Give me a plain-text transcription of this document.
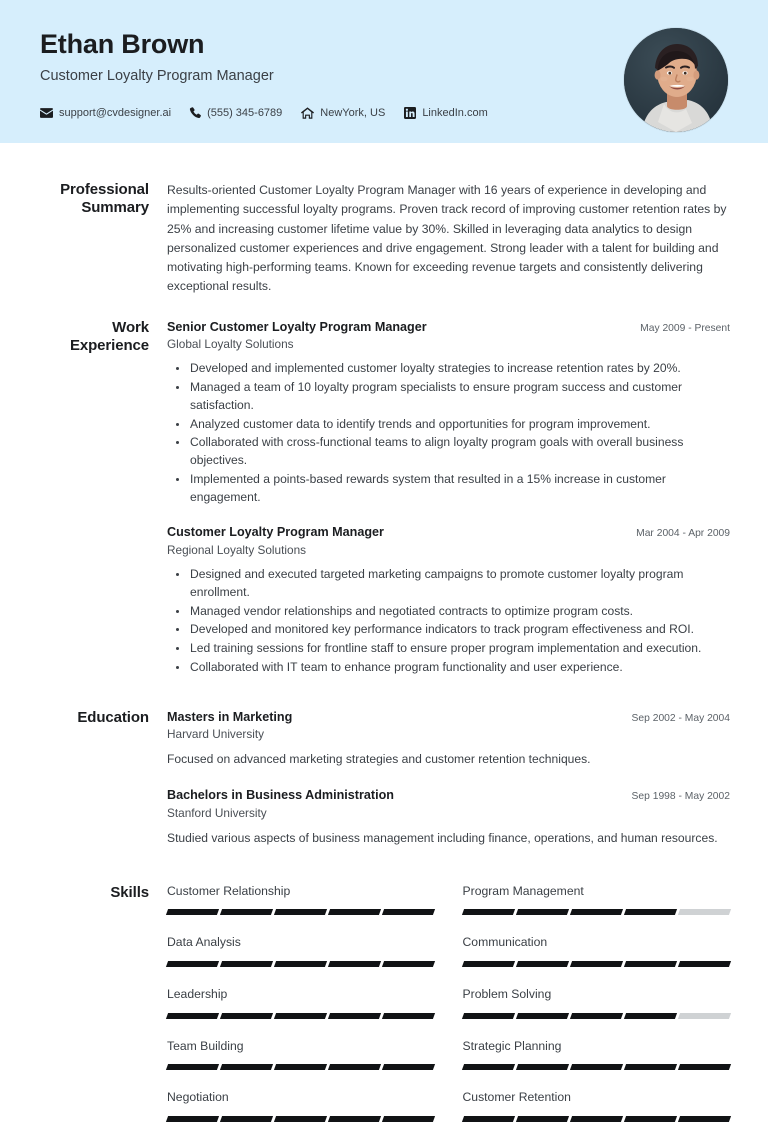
Ethan Brown
Customer Loyalty Program Manager
support@cvdesigner.ai	(555) 345-6789	NewYork, US	LinkedIn.com
Professional
Summary

Results-oriented Customer Loyalty Program Manager with 16 years of experience in developing and implementing successful loyalty programs. Proven track record of improving customer retention rates by 25% and increasing customer lifetime value by 30%. Skilled in leveraging data analytics to design personalized customer experiences and drive engagement. Strong leader with a talent for building and motivating high-performing teams. Known for exceeding revenue targets and consistently delivering exceptional results.

Work
Experience
Senior Customer Loyalty Program Manager	May 2009 - Present
Global Loyalty Solutions
Developed and implemented customer loyalty strategies to increase retention rates by 20%.
Managed a team of 10 loyalty program specialists to ensure program success and customer satisfaction.
Analyzed customer data to identify trends and opportunities for program improvement.
Collaborated with cross-functional teams to align loyalty program goals with overall business objectives.
Implemented a points-based rewards system that resulted in a 15% increase in customer engagement.
Customer Loyalty Program Manager	Mar 2004 - Apr 2009
Regional Loyalty Solutions
Designed and executed targeted marketing campaigns to promote customer loyalty program enrollment.
Managed vendor relationships and negotiated contracts to optimize program costs.
Developed and monitored key performance indicators to track program effectiveness and ROI.
Led training sessions for frontline staff to ensure proper program implementation and execution.
Collaborated with IT team to enhance program functionality and user experience.
Education	Masters in Marketing	Sep 2002 - May 2004
Harvard University
Focused on advanced marketing strategies and customer retention techniques.
Bachelors in Business Administration	Sep 1998 - May 2002
Stanford University
Studied various aspects of business management including finance, operations, and human resources.
Skills	Customer Relationship	Program Management
Data Analysis	Communication
Leadership	Problem Solving
Team Building	Strategic Planning
Negotiation	Customer Retention
